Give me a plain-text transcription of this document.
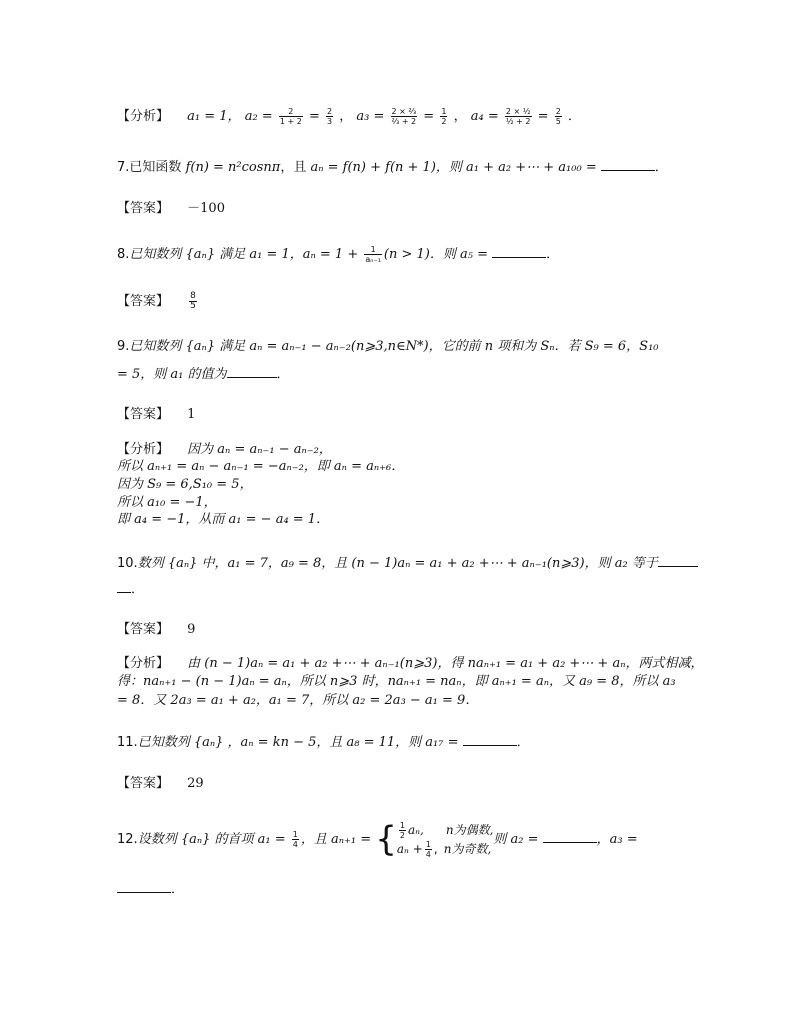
【分析】 a₁ = 1， $a_2 = \frac{2}{1 + 2} = \frac{2}{3}$ ， $a_3 = \frac{\text{2 × ⅔}}{\text{⅔ + 2}} = \frac{1}{2}$ ， $a_4 = \frac{\text{2 × ½}}{\text{½ + 2}} = \frac{2}{5}$ ．
7.已知函数 f(n) = n²cosnπ，且 aₙ = f(n) + f(n + 1)，则 a₁ + a₂ +⋯ + a₁₀₀ =	．
【答案】 －100
8.已知数列 {aₙ} 满足 a₁ = 1，$a_n = 1 + \frac{1}{\text{aₙ₋₁}} (n > 1)$．则 a₅ =	．
【答案】 $\frac{8}{5}$
9.已知数列 {aₙ} 满足 aₙ = aₙ₋₁ − aₙ₋₂(n⩾3,n∈N*)，它的前 n 项和为 Sₙ．若 S₉ = 6，S₁₀
= 5，则 a₁ 的值为	．
【答案】 1
【分析】 因为 aₙ = aₙ₋₁ − aₙ₋₂，
所以 aₙ₊₁ = aₙ − aₙ₋₁ = −aₙ₋₂，即 aₙ = aₙ₊₆．
因为 S₉ = 6,S₁₀ = 5，
所以 a₁₀ = −1，
即 a₄ = −1，从而 a₁ = − a₄ = 1．
10.数列 {aₙ} 中，a₁ = 7，a₉ = 8，且 (n − 1)aₙ = a₁ + a₂ +⋯ + aₙ₋₁(n⩾3)，则 a₂ 等于
．
【答案】 9
【分析】 由 (n − 1)aₙ = a₁ + a₂ +⋯ + aₙ₋₁(n⩾3)，得 naₙ₊₁ = a₁ + a₂ +⋯ + aₙ，两式相减，
得：naₙ₊₁ − (n − 1)aₙ = aₙ，所以 n⩾3 时，naₙ₊₁ = naₙ，即 aₙ₊₁ = aₙ，又 a₉ = 8，所以 a₃
= 8．又 2a₃ = a₁ + a₂，a₁ = 7，所以 a₂ = 2a₃ − a₁ = 9．
11.已知数列 {aₙ} ，aₙ = kn − 5，且 a₈ = 11，则 a₁₇ =	．
【答案】 29
12.设数列 {aₙ} 的首项 $a_1 = \frac{1}{4}$ ，且 aₙ₊₁ = { $\frac{1}{2} a_n$, n为偶数,
$a_n + \frac{1}{4}$ , n为奇数,
则 a₂ =	，a₃ =
．
